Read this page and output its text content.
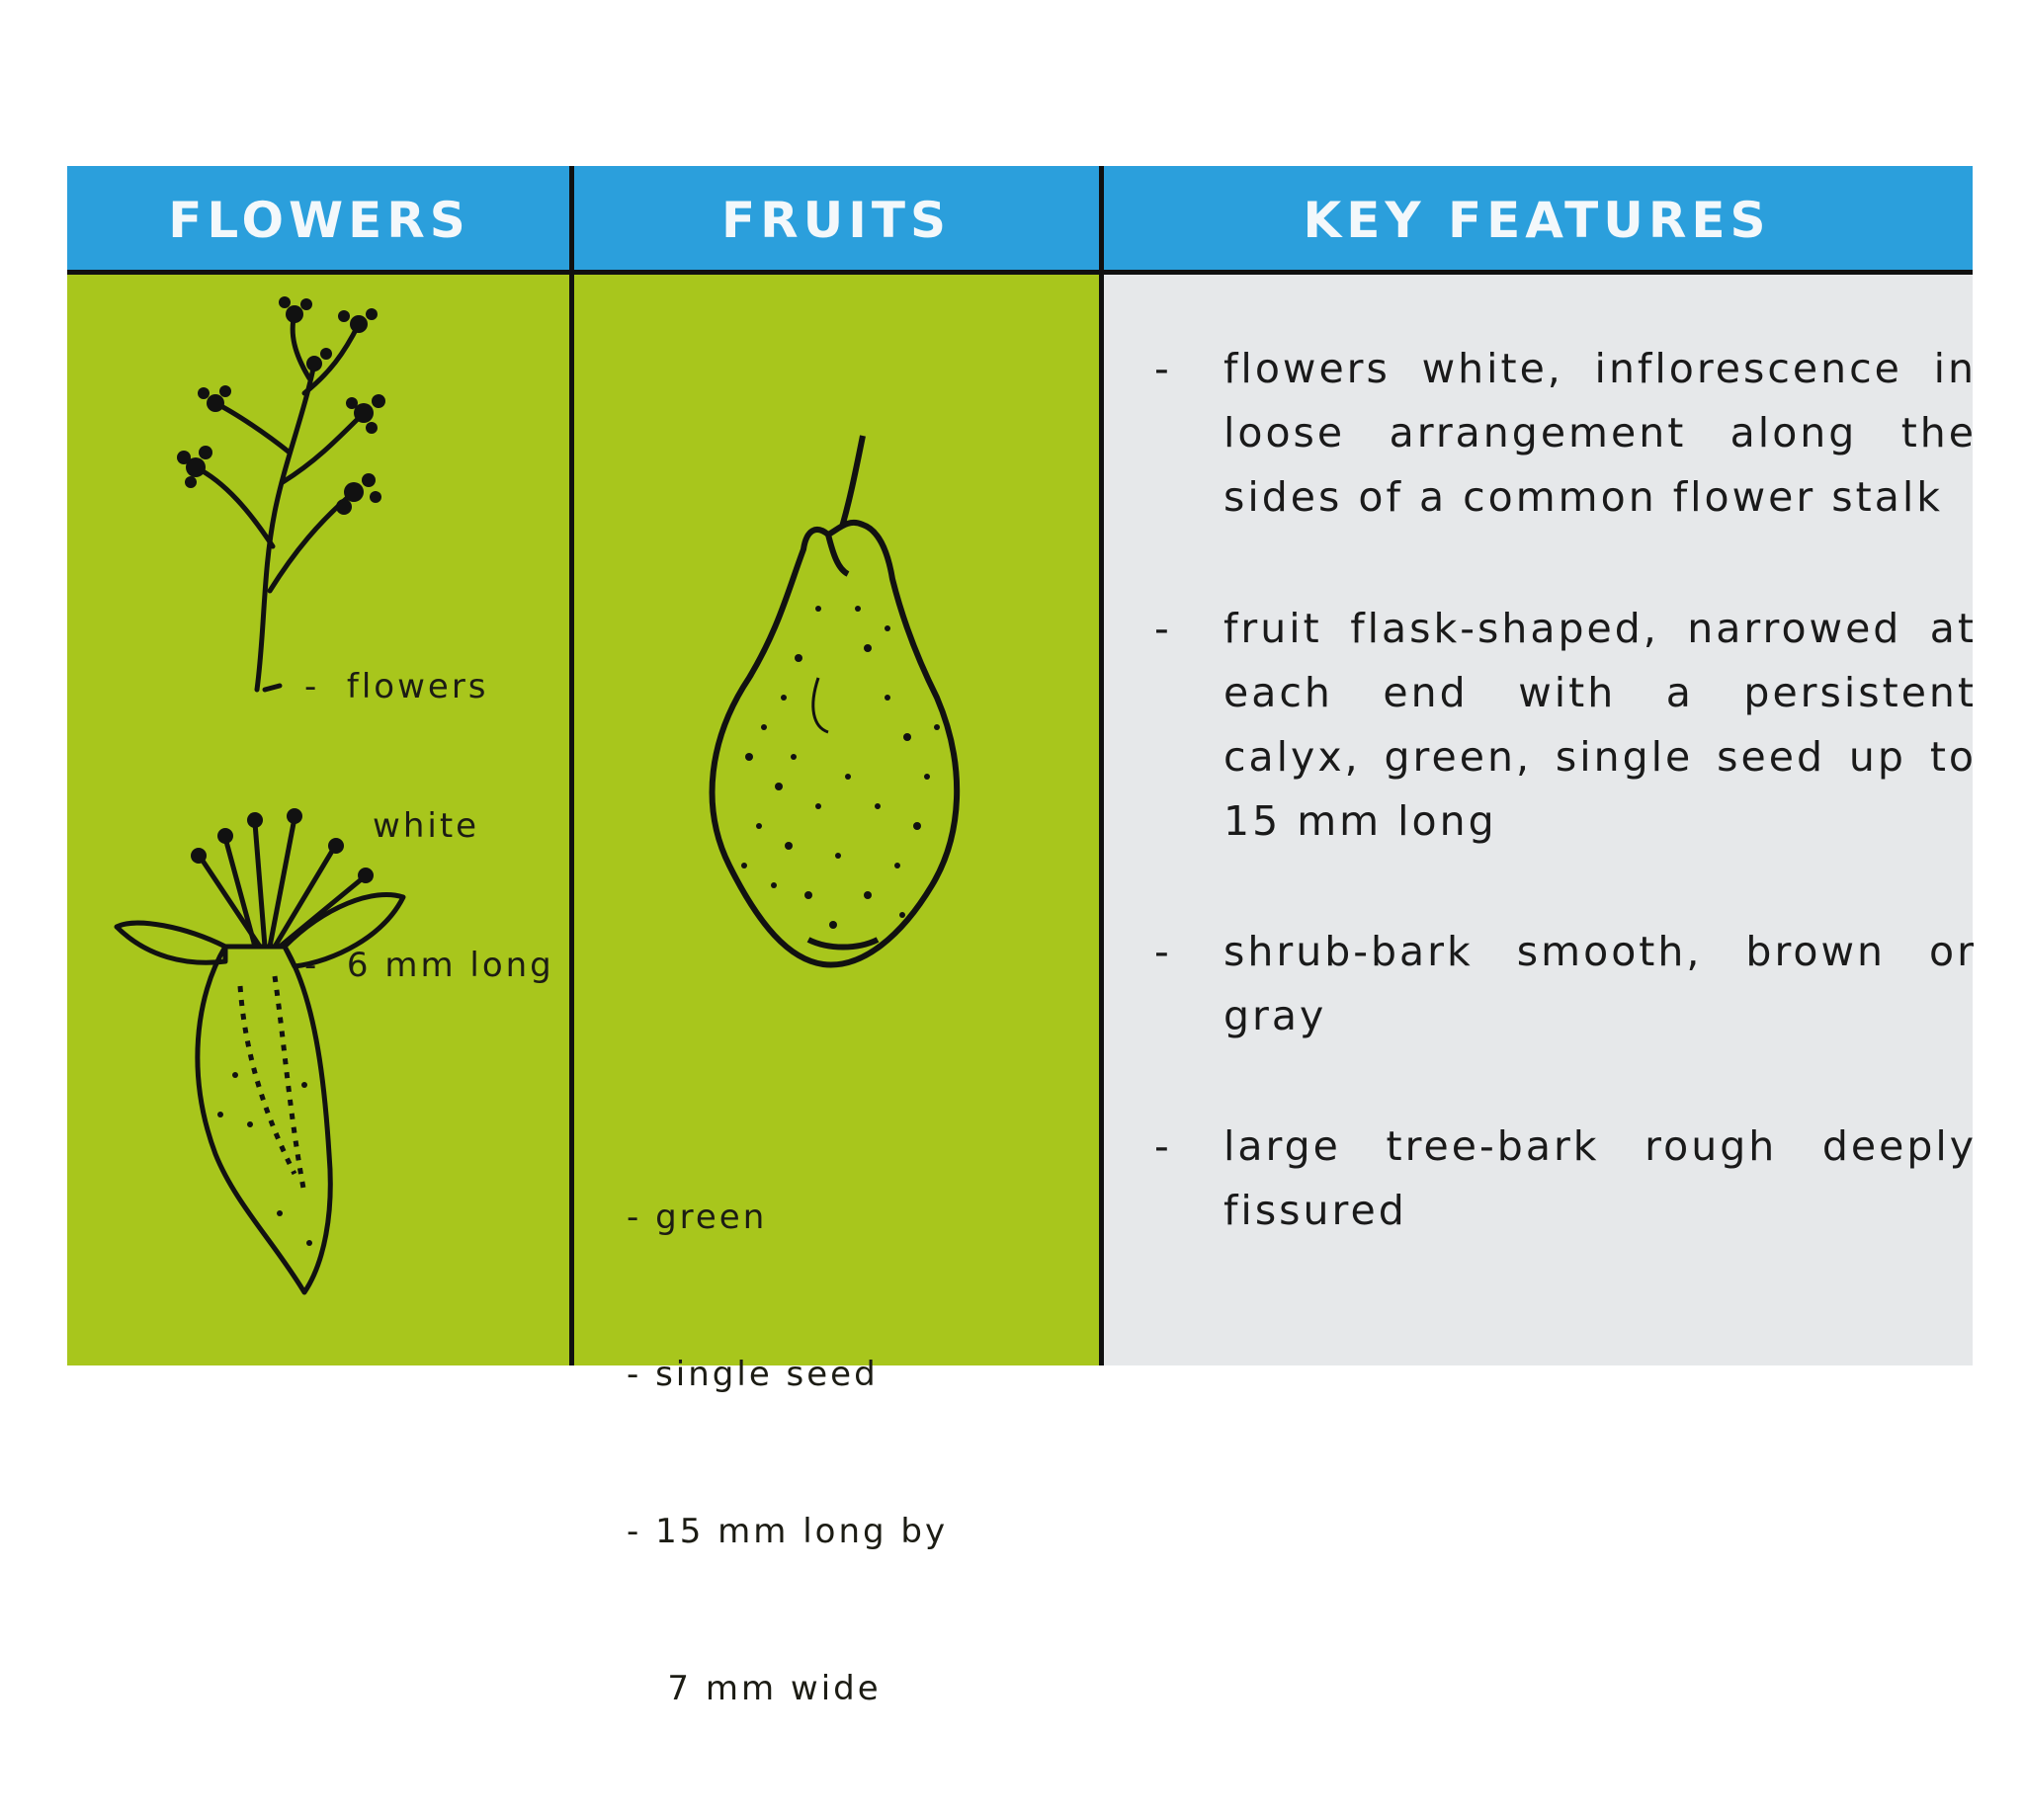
FLOWERS	FRUITS	KEY FEATURES

-  flowers

white

-  6 mm long

- green

- single seed

- 15 mm long by

7 mm wide

- flowers white, inflorescence in loose arrangement along the sides of a common flower stalk
- fruit flask-shaped, narrowed at each end with a persistent calyx, green, single seed up to 15 mm long
- shrub-bark smooth, brown or gray
- large tree-bark rough deeply fissured
